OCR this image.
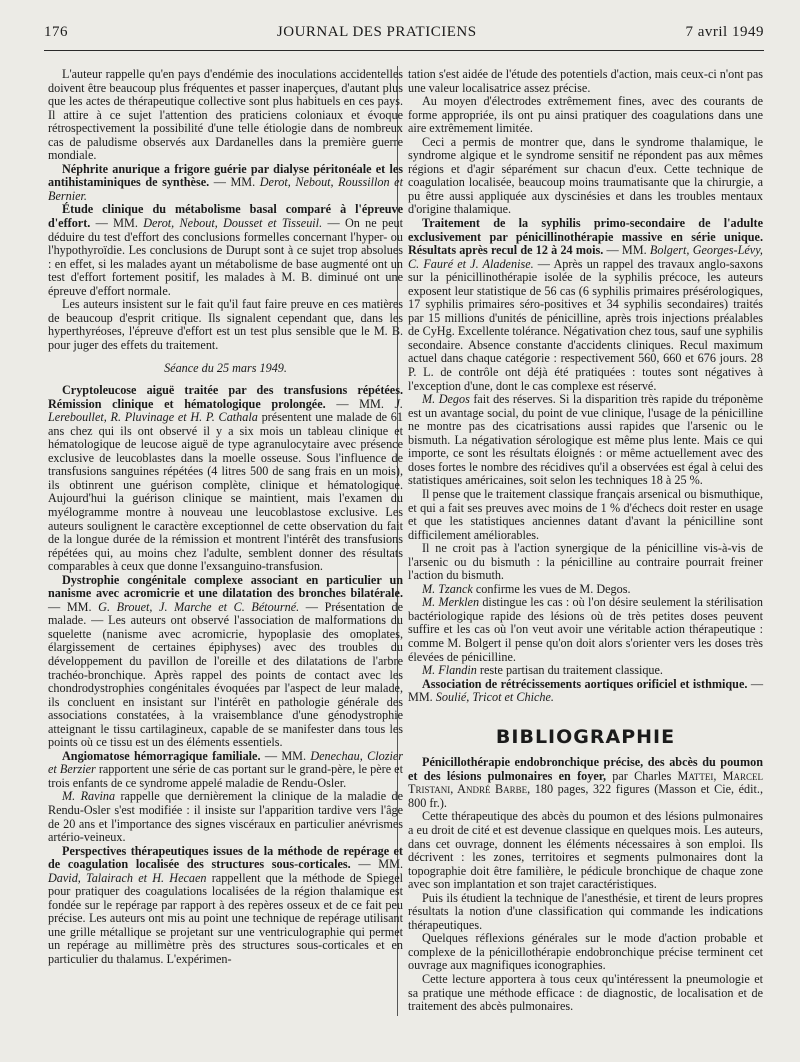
176	JOURNAL DES PRATICIENS	7 avril 1949

L'auteur rappelle qu'en pays d'endémie des inoculations accidentelles doivent être beaucoup plus fréquentes et passer inaperçues, d'autant plus que les actes de thérapeutique collective sont plus habituels en ces pays. Il attire à ce sujet l'attention des praticiens coloniaux et évoque rétrospectivement la possibilité d'une telle étiologie dans de nombreux cas de paludisme observés aux Dardanelles dans la première guerre mondiale.

Néphrite anurique a frigore guérie par dialyse péritonéale et les antihistaminiques de synthèse. — MM. Derot, Nebout, Roussillon et Bernier.

Étude clinique du métabolisme basal comparé à l'épreuve d'effort. — MM. Derot, Nebout, Dousset et Tisseuil. — On ne peut déduire du test d'effort des conclusions formelles concernant l'hyper- ou l'hypothyroïdie. Les conclusions de Durupt sont à ce sujet trop absolues : en effet, si les malades ayant un métabolisme de base augmenté ont un test d'effort fortement positif, les malades à M. B. diminué ont une épreuve d'effort normale.

Les auteurs insistent sur le fait qu'il faut faire preuve en ces matières de beaucoup d'esprit critique. Ils signalent cependant que, dans les hyperthyréoses, l'épreuve d'effort est un test plus sensible que le M. B. pour juger des effets du traitement.

Séance du 25 mars 1949.

Cryptoleucose aiguë traitée par des transfusions répétées. Rémission clinique et hématologique prolongée. — MM. J. Lereboullet, R. Pluvinage et H. P. Cathala présentent une malade de 61 ans chez qui ils ont observé il y a six mois un tableau clinique et hématologique de leucose aiguë de type agranulocytaire avec présence exclusive de leucoblastes dans la moelle osseuse. Sous l'influence de transfusions sanguines répétées (4 litres 500 de sang frais en un mois), ils obtinrent une guérison complète, clinique et hématologique. Aujourd'hui la guérison clinique se maintient, mais l'examen du myélogramme montre à nouveau une leucoblastose exclusive. Les auteurs soulignent le caractère exceptionnel de cette observation du fait de la longue durée de la rémission et montrent l'intérêt des transfusions répétées qui, au moins chez l'adulte, semblent donner des résultats comparables à ceux que donne l'exsanguino-transfusion.

Dystrophie congénitale complexe associant en particulier un nanisme avec acromicrie et une dilatation des bronches bilatérale. — MM. G. Brouet, J. Marche et C. Bétourné. — Présentation de malade. — Les auteurs ont observé l'association de malformations du squelette (nanisme avec acromicrie, hypoplasie des omoplates, élargissement de certaines épiphyses) avec des troubles du développement du pavillon de l'oreille et des dilatations de l'arbre trachéo-bronchique. Après rappel des points de contact avec les chondrodystrophies congénitales évoquées par l'aspect de leur malade, ils concluent en insistant sur l'intérêt en pathologie générale des associations constatées, à la vraisemblance d'une génodystrophie atteignant le tissu cartilagineux, capable de se manifester dans tous les points où ce tissu est un des éléments essentiels.

Angiomatose hémorragique familiale. — MM. Denechau, Clozier et Berzier rapportent une série de cas portant sur le grand-père, le père et trois enfants de ce syndrome appelé maladie de Rendu-Osler.

M. Ravina rappelle que dernièrement la clinique de la maladie de Rendu-Osler s'est modifiée : il insiste sur l'apparition tardive vers l'âge de 20 ans et l'importance des signes viscéraux en particulier anévrismes artério-veineux.

Perspectives thérapeutiques issues de la méthode de repérage et de coagulation localisée des structures sous-corticales. — MM. David, Talairach et H. Hecaen rappellent que la méthode de Spiegel pour pratiquer des coagulations localisées de la région thalamique est fondée sur le repérage par rapport à des repères osseux et de ce fait peu précise. Les auteurs ont mis au point une technique de repérage utilisant une grille métallique se projetant sur une ventriculographie qui permet un repérage au millimètre près des structures sous-corticales et en particulier du thalamus. L'expérimen-

tation s'est aidée de l'étude des potentiels d'action, mais ceux-ci n'ont pas une valeur localisatrice assez précise.

Au moyen d'électrodes extrêmement fines, avec des courants de forme appropriée, ils ont pu ainsi pratiquer des coagulations dans une aire extrêmement limitée.

Ceci a permis de montrer que, dans le syndrome thalamique, le syndrome algique et le syndrome sensitif ne répondent pas aux mêmes régions et d'agir séparément sur chacun d'eux. Cette technique de coagulation localisée, beaucoup moins traumatisante que la chirurgie, a pu être aussi appliquée aux dyscinésies et dans les troubles mentaux d'origine thalamique.

Traitement de la syphilis primo-secondaire de l'adulte exclusivement par pénicillinothérapie massive en série unique. Résultats après recul de 12 à 24 mois. — MM. Bolgert, Georges-Lévy, C. Fauré et J. Aladenise. — Après un rappel des travaux anglo-saxons sur la pénicillinothérapie isolée de la syphilis précoce, les auteurs exposent leur statistique de 56 cas (6 syphilis primaires présérologiques, 17 syphilis primaires séro-positives et 34 syphilis secondaires) traités par 15 millions d'unités de pénicilline, après trois injections préalables de CyHg. Excellente tolérance. Négativation chez tous, sauf une syphilis secondaire. Absence constante d'accidents cliniques. Recul maximum actuel dans chaque catégorie : respectivement 560, 660 et 676 jours. 28 P. L. de contrôle ont déjà été pratiquées : toutes sont négatives à l'exception d'une, dont le cas complexe est réservé.

M. Degos fait des réserves. Si la disparition très rapide du tréponème est un avantage social, du point de vue clinique, l'usage de la pénicilline ne montre pas des cicatrisations aussi rapides que l'arsenic ou le bismuth. La négativation sérologique est même plus lente. Mais ce qui importe, ce sont les résultats éloignés : or même actuellement avec des doses fortes le nombre des récidives qu'il a observées est égal à celui des statistiques américaines, soit selon les techniques 18 à 25 %.

Il pense que le traitement classique français arsenical ou bismuthique, et qui a fait ses preuves avec moins de 1 % d'échecs doit rester en usage et que les statistiques anciennes datant d'avant la pénicilline sont difficilement améliorables.

Il ne croit pas à l'action synergique de la pénicilline vis-à-vis de l'arsenic ou du bismuth : la pénicilline au contraire pourrait freiner l'action du bismuth.

M. Tzanck confirme les vues de M. Degos.

M. Merklen distingue les cas : où l'on désire seulement la stérilisation bactériologique rapide des lésions où de très petites doses peuvent suffire et les cas où l'on veut avoir une véritable action thérapeutique : comme M. Bolgert il pense qu'on doit alors s'orienter vers les doses très élevées de pénicilline.

M. Flandin reste partisan du traitement classique.

Association de rétrécissements aortiques orificiel et isthmique. — MM. Soulié, Tricot et Chiche.

BIBLIOGRAPHIE

Pénicillothérapie endobronchique précise, des abcès du poumon et des lésions pulmonaires en foyer, par Charles Mattei, Marcel Tristani, André Barbe, 180 pages, 322 figures (Masson et Cie, édit., 800 fr.).

Cette thérapeutique des abcès du poumon et des lésions pulmonaires a eu droit de cité et est devenue classique en quelques mois. Les auteurs, dans cet ouvrage, donnent les éléments nécessaires à son emploi. Ils décrivent : les zones, territoires et segments pulmonaires dont la topographie doit être familière, le pédicule bronchique de chaque zone avec son implantation et son trajet caractéristiques.

Puis ils étudient la technique de l'anesthésie, et tirent de leurs propres résultats la notion d'une classification qui commande les indications thérapeutiques.

Quelques réflexions générales sur le mode d'action probable et complexe de la pénicillothérapie endobronchique précise terminent cet ouvrage aux magnifiques iconographies.

Cette lecture apportera à tous ceux qu'intéressent la pneumologie et sa pratique une méthode efficace : de diagnostic, de localisation et de traitement des abcès pulmonaires.
